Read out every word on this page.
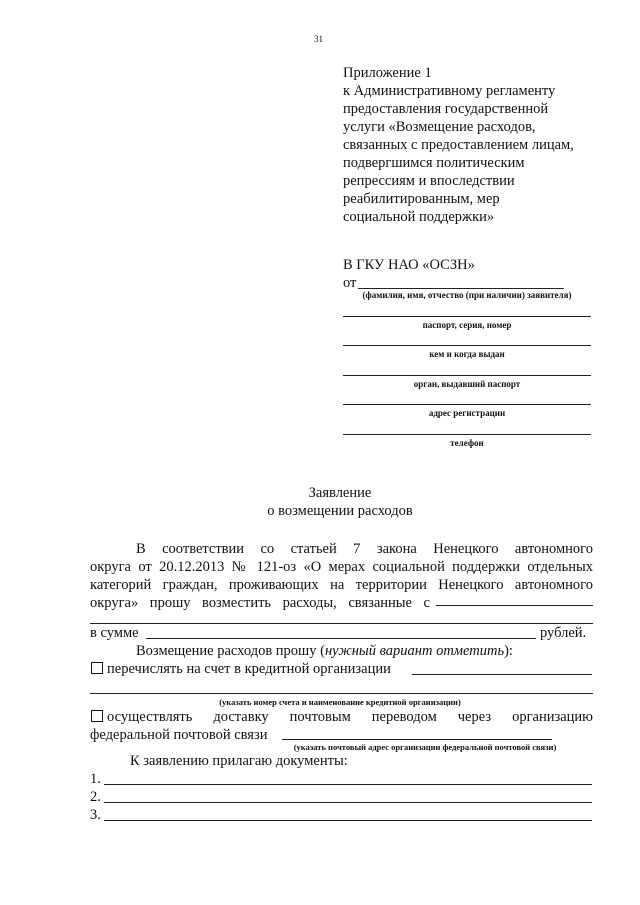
31
Приложение 1
к Административному регламенту
предоставления государственной
услуги «Возмещение расходов,
связанных с предоставлением лицам,
подвергшимся политическим
репрессиям и впоследствии
реабилитированным, мер
социальной поддержки»
В ГКУ НАО «ОСЗН»
от
(фамилия, имя, отчество (при наличии) заявителя)
паспорт, серия, номер
кем и когда выдан
орган, выдавший паспорт
адрес регистрации
телефон
Заявление
о возмещении расходов
В соответствии со статьей 7 закона Ненецкого автономного
округа от 20.12.2013 № 121-оз «О мерах социальной поддержки отдельных
категорий граждан, проживающих на территории Ненецкого автономного
округа» прошу возместить расходы, связанные с
в сумме	рублей.
Возмещение расходов прошу (нужный вариант отметить):
перечислять на счет в кредитной организации
(указать номер счета и наименование кредитной организации)
осуществлять доставку почтовым переводом через организацию
федеральной почтовой связи
(указать почтовый адрес организации федеральной почтовой связи)
К заявлению прилагаю документы:
1.
2.
3.
